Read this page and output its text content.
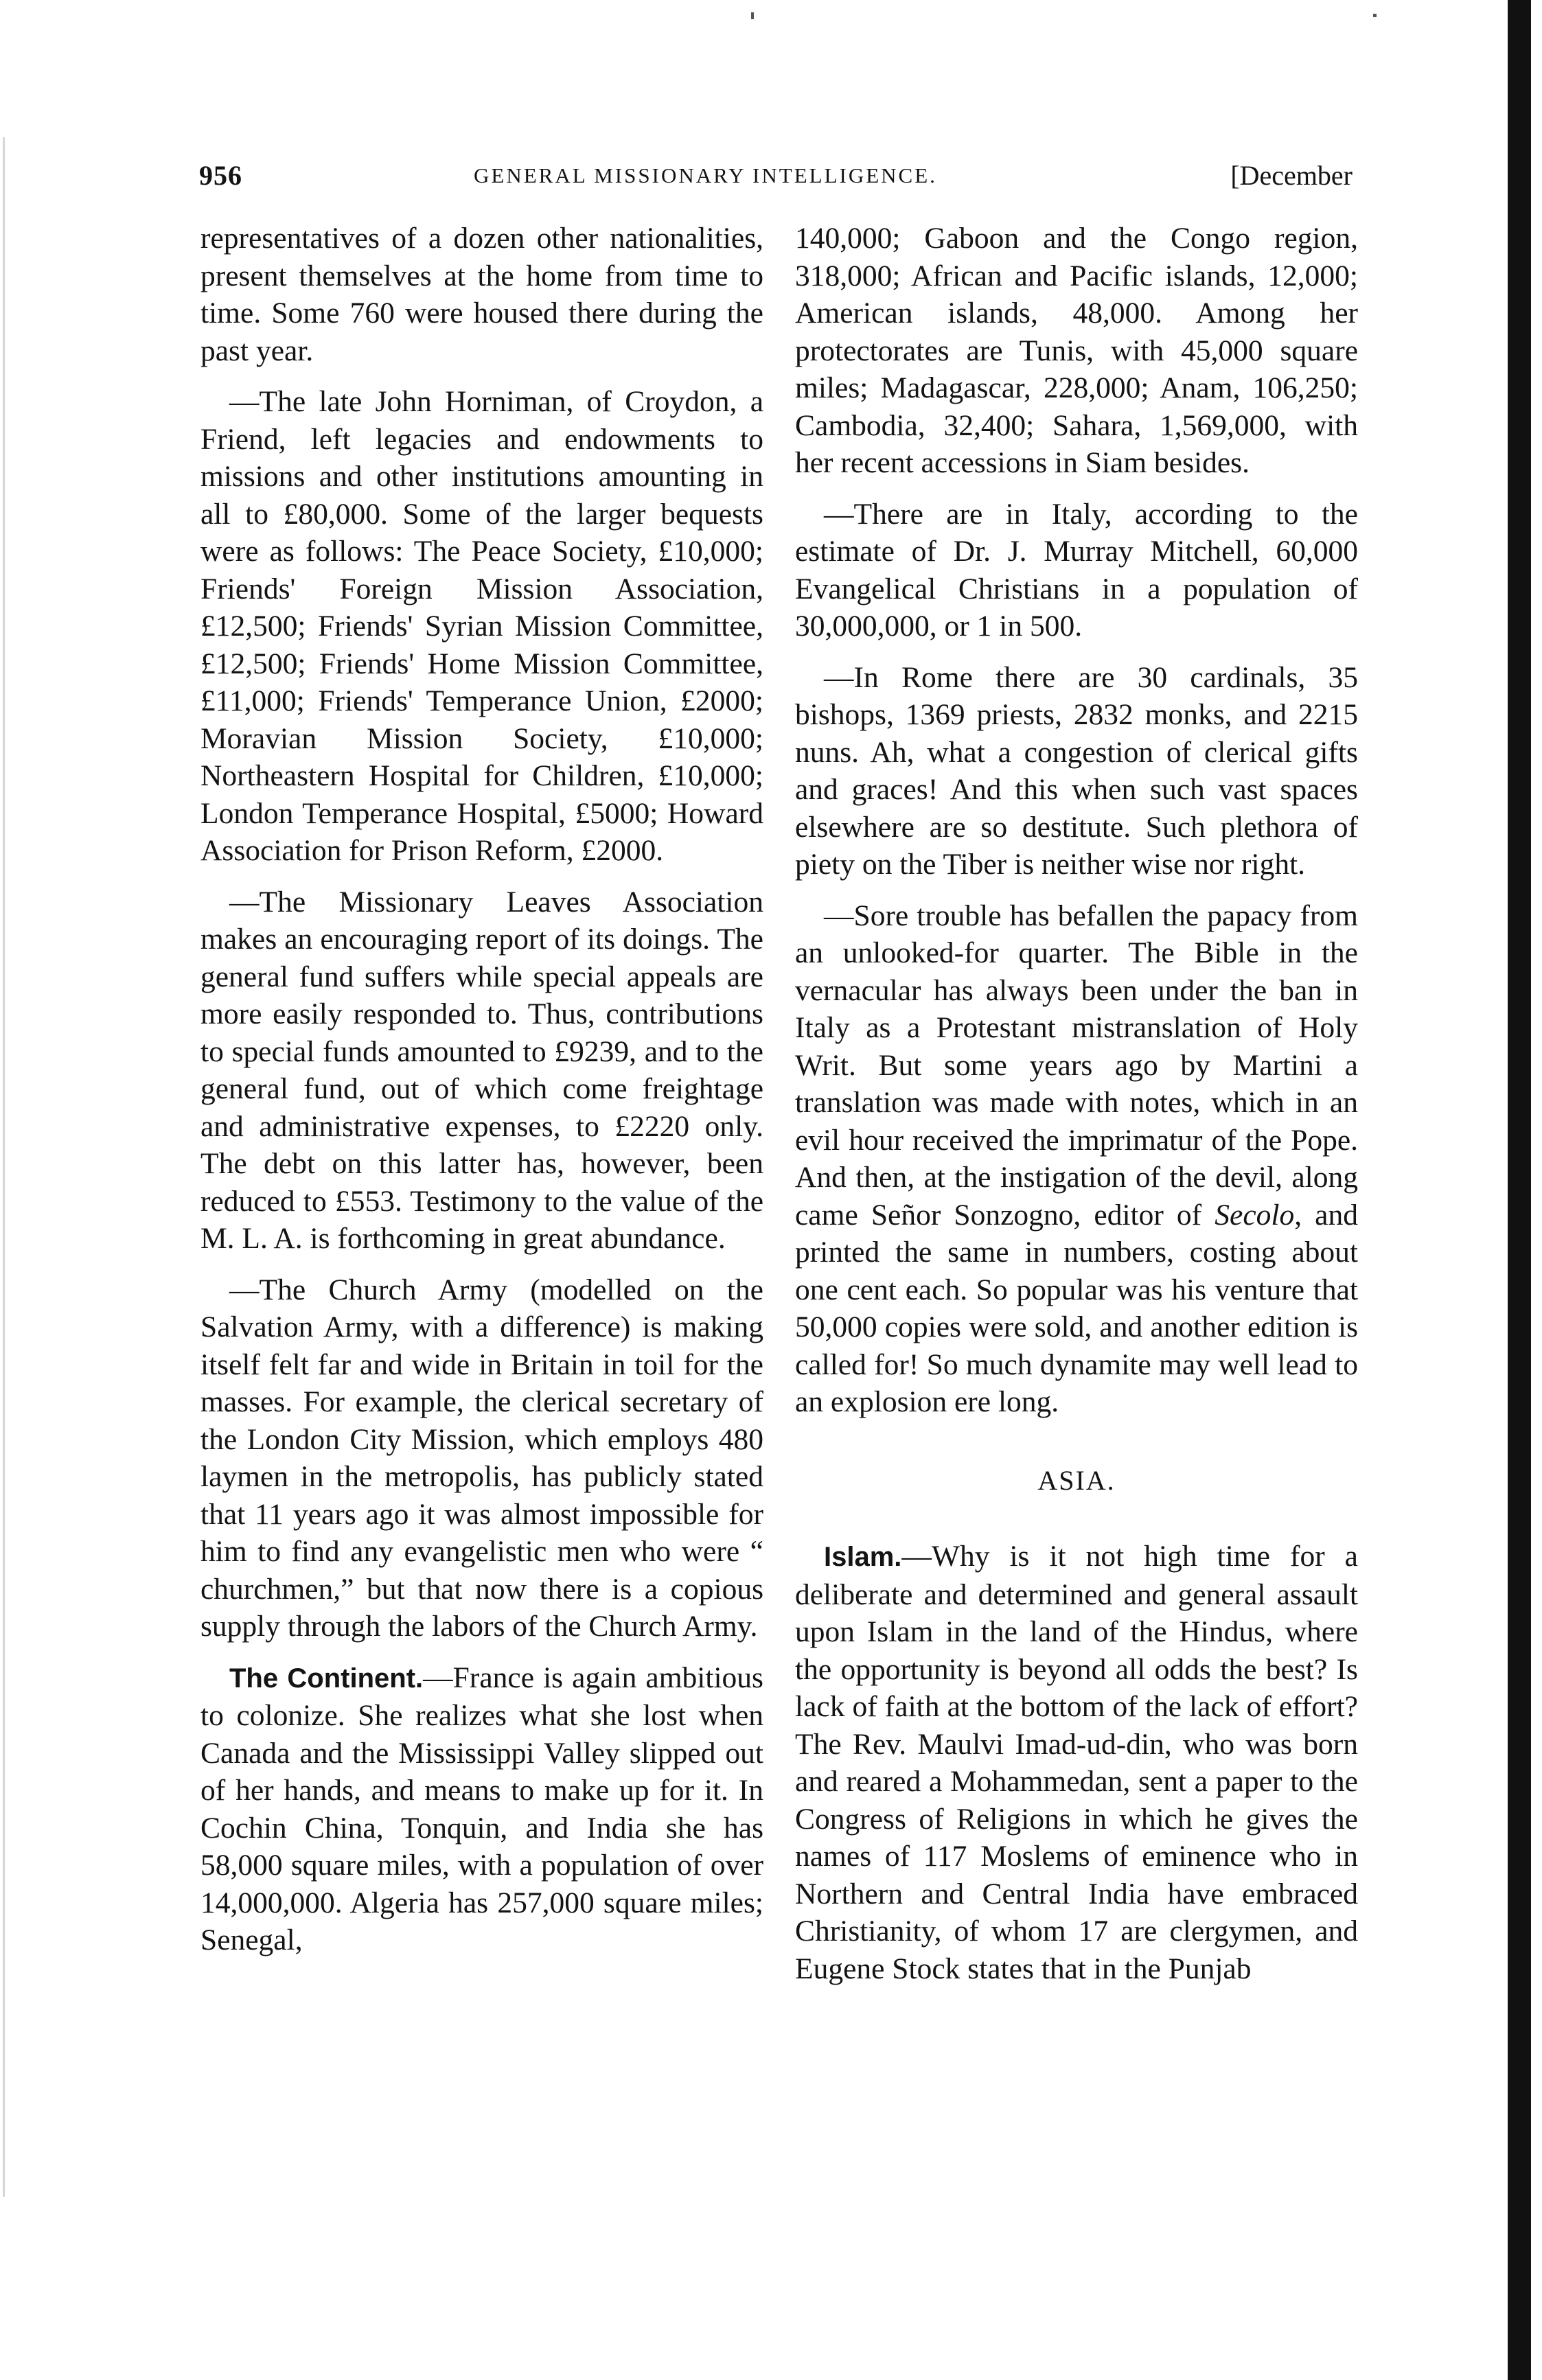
956	GENERAL MISSIONARY INTELLIGENCE.	[December

representatives of a dozen other nationalities, present themselves at the home from time to time. Some 760 were housed there during the past year.

—The late John Horniman, of Croydon, a Friend, left legacies and endowments to missions and other institutions amounting in all to £80,000. Some of the larger bequests were as follows: The Peace Society, £10,000; Friends' Foreign Mission Association, £12,500; Friends' Syrian Mission Committee, £12,500; Friends' Home Mission Committee, £11,000; Friends' Temperance Union, £2000; Moravian Mission Society, £10,000; Northeastern Hospital for Children, £10,000; London Temperance Hospital, £5000; Howard Association for Prison Reform, £2000.

—The Missionary Leaves Association makes an encouraging report of its doings. The general fund suffers while special appeals are more easily responded to. Thus, contributions to special funds amounted to £9239, and to the general fund, out of which come freightage and administrative expenses, to £2220 only. The debt on this latter has, however, been reduced to £553. Testimony to the value of the M. L. A. is forthcoming in great abundance.

—The Church Army (modelled on the Salvation Army, with a difference) is making itself felt far and wide in Britain in toil for the masses. For example, the clerical secretary of the London City Mission, which employs 480 laymen in the metropolis, has publicly stated that 11 years ago it was almost impossible for him to find any evangelistic men who were “ churchmen,” but that now there is a copious supply through the labors of the Church Army.

The Continent.—France is again ambitious to colonize. She realizes what she lost when Canada and the Mississippi Valley slipped out of her hands, and means to make up for it. In Cochin China, Tonquin, and India she has 58,000 square miles, with a population of over 14,000,000. Algeria has 257,000 square miles; Senegal,

140,000; Gaboon and the Congo region, 318,000; African and Pacific islands, 12,000; American islands, 48,000. Among her protectorates are Tunis, with 45,000 square miles; Madagascar, 228,000; Anam, 106,250; Cambodia, 32,400; Sahara, 1,569,000, with her recent accessions in Siam besides.

—There are in Italy, according to the estimate of Dr. J. Murray Mitchell, 60,000 Evangelical Christians in a population of 30,000,000, or 1 in 500.

—In Rome there are 30 cardinals, 35 bishops, 1369 priests, 2832 monks, and 2215 nuns. Ah, what a congestion of clerical gifts and graces! And this when such vast spaces elsewhere are so destitute. Such plethora of piety on the Tiber is neither wise nor right.

—Sore trouble has befallen the papacy from an unlooked-for quarter. The Bible in the vernacular has always been under the ban in Italy as a Protestant mistranslation of Holy Writ. But some years ago by Martini a translation was made with notes, which in an evil hour received the imprimatur of the Pope. And then, at the instigation of the devil, along came Señor Sonzogno, editor of Secolo, and printed the same in numbers, costing about one cent each. So popular was his venture that 50,000 copies were sold, and another edition is called for! So much dynamite may well lead to an explosion ere long.

ASIA.

Islam.—Why is it not high time for a deliberate and determined and general assault upon Islam in the land of the Hindus, where the opportunity is beyond all odds the best? Is lack of faith at the bottom of the lack of effort? The Rev. Maulvi Imad-ud-din, who was born and reared a Mohammedan, sent a paper to the Congress of Religions in which he gives the names of 117 Moslems of eminence who in Northern and Central India have embraced Christianity, of whom 17 are clergymen, and Eugene Stock states that in the Punjab
